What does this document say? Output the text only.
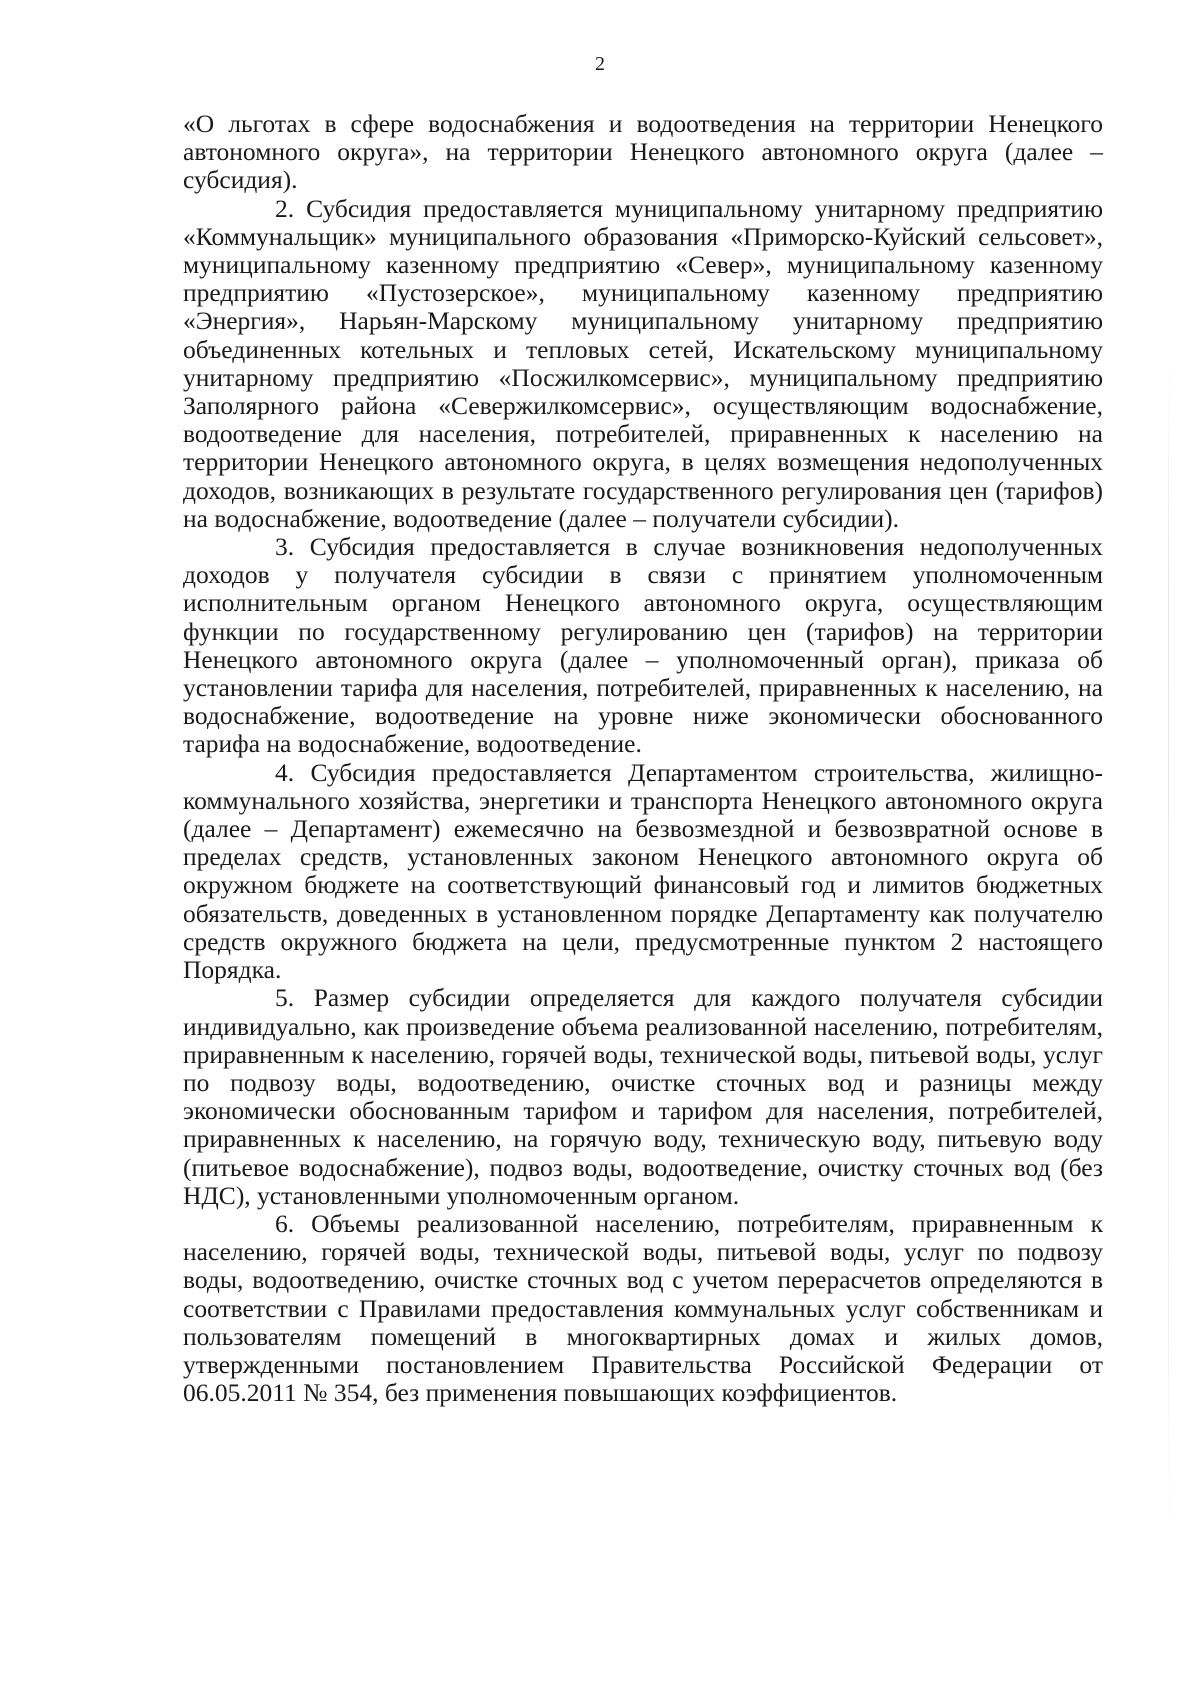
2

«О льготах в сфере водоснабжения и водоотведения на территории Ненецкого автономного округа», на территории Ненецкого автономного округа (далее – субсидия).

2. Субсидия предоставляется муниципальному унитарному предприятию «Коммунальщик» муниципального образования «Приморско-Куйский сельсовет», муниципальному казенному предприятию «Север», муниципальному казенному предприятию «Пустозерское», муниципальному казенному предприятию «Энергия», Нарьян-Марскому муниципальному унитарному предприятию объединенных котельных и тепловых сетей, Искательскому муниципальному унитарному предприятию «Посжилкомсервис», муниципальному предприятию Заполярного района «Севержилкомсервис», осуществляющим водоснабжение, водоотведение для населения, потребителей, приравненных к населению на территории Ненецкого автономного округа, в целях возмещения недополученных доходов, возникающих в результате государственного регулирования цен (тарифов) на водоснабжение, водоотведение (далее – получатели субсидии).

3. Субсидия предоставляется в случае возникновения недополученных доходов у получателя субсидии в связи с принятием уполномоченным исполнительным органом Ненецкого автономного округа, осуществляющим функции по государственному регулированию цен (тарифов) на территории Ненецкого автономного округа (далее – уполномоченный орган), приказа об установлении тарифа для населения, потребителей, приравненных к населению, на водоснабжение, водоотведение на уровне ниже экономически обоснованного тарифа на водоснабжение, водоотведение.

4. Субсидия предоставляется Департаментом строительства, жилищно-коммунального хозяйства, энергетики и транспорта Ненецкого автономного округа (далее – Департамент) ежемесячно на безвозмездной и безвозвратной основе в пределах средств, установленных законом Ненецкого автономного округа об окружном бюджете на соответствующий финансовый год и лимитов бюджетных обязательств, доведенных в установленном порядке Департаменту как получателю средств окружного бюджета на цели, предусмотренные пунктом 2 настоящего Порядка.

5. Размер субсидии определяется для каждого получателя субсидии индивидуально, как произведение объема реализованной населению, потребителям, приравненным к населению, горячей воды, технической воды, питьевой воды, услуг по подвозу воды, водоотведению, очистке сточных вод и разницы между экономически обоснованным тарифом и тарифом для населения, потребителей, приравненных к населению, на горячую воду, техническую воду, питьевую воду (питьевое водоснабжение), подвоз воды, водоотведение, очистку сточных вод (без НДС), установленными уполномоченным органом.

6. Объемы реализованной населению, потребителям, приравненным к населению, горячей воды, технической воды, питьевой воды, услуг по подвозу воды, водоотведению, очистке сточных вод с учетом перерасчетов определяются в соответствии с Правилами предоставления коммунальных услуг собственникам и пользователям помещений в многоквартирных домах и жилых домов, утвержденными постановлением Правительства Российской Федерации от 06.05.2011 № 354, без применения повышающих коэффициентов.
